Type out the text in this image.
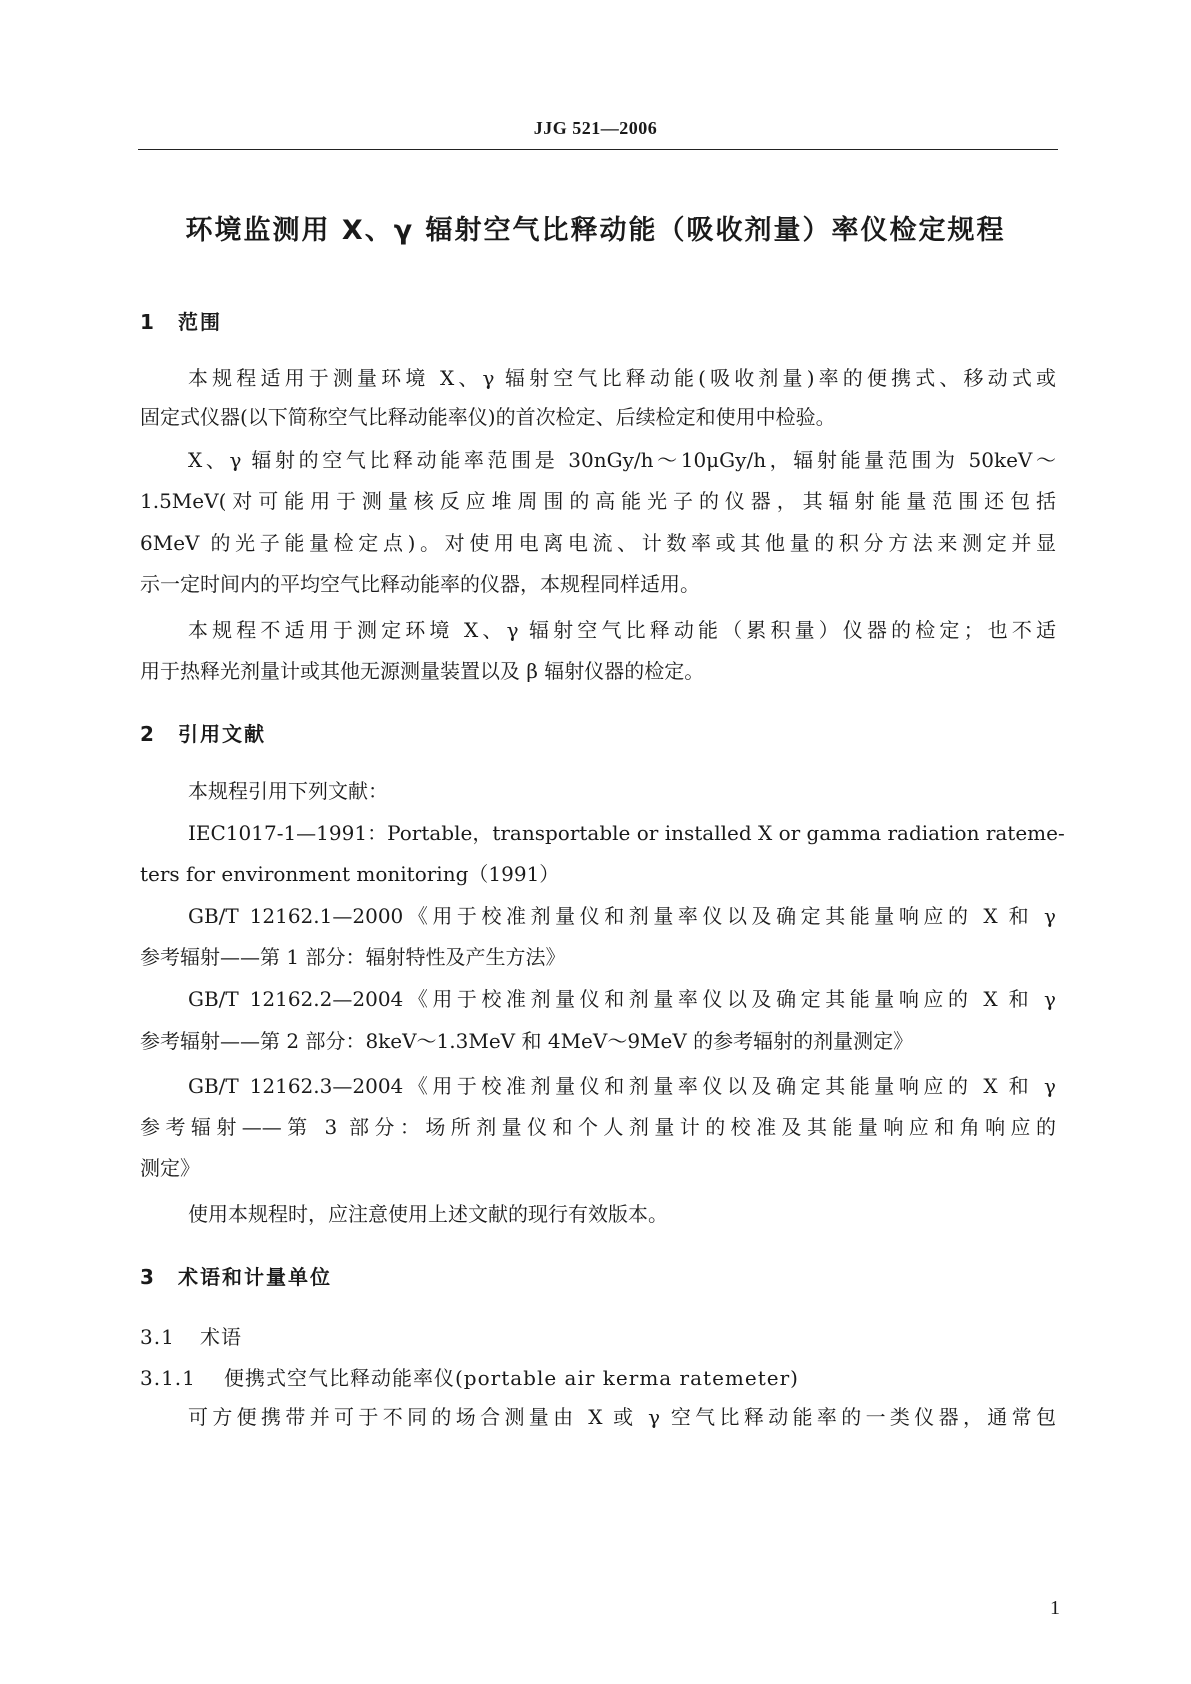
JJG 521—2006
环境监测用 X、γ 辐射空气比释动能（吸收剂量）率仪检定规程
1 范围
本规程适用于测量环境 X、γ 辐射空气比释动能(吸收剂量)率的便携式、移动式或
固定式仪器(以下简称空气比释动能率仪)的首次检定、后续检定和使用中检验。
X、γ 辐射的空气比释动能率范围是 30nGy/h～10μGy/h，辐射能量范围为 50keV～
1.5MeV(对可能用于测量核反应堆周围的高能光子的仪器，其辐射能量范围还包括
6MeV 的光子能量检定点)。对使用电离电流、计数率或其他量的积分方法来测定并显
示一定时间内的平均空气比释动能率的仪器，本规程同样适用。
本规程不适用于测定环境 X、γ 辐射空气比释动能（累积量）仪器的检定；也不适
用于热释光剂量计或其他无源测量装置以及 β 辐射仪器的检定。
2 引用文献
本规程引用下列文献：
IEC1017-1—1991：Portable，transportable or installed X or gamma radiation rateme-
ters for environment monitoring（1991）
GB/T 12162.1—2000《用于校准剂量仪和剂量率仪以及确定其能量响应的 X 和 γ
参考辐射——第 1 部分：辐射特性及产生方法》
GB/T 12162.2—2004《用于校准剂量仪和剂量率仪以及确定其能量响应的 X 和 γ
参考辐射——第 2 部分：8keV～1.3MeV 和 4MeV～9MeV 的参考辐射的剂量测定》
GB/T 12162.3—2004《用于校准剂量仪和剂量率仪以及确定其能量响应的 X 和 γ
参考辐射——第 3 部分：场所剂量仪和个人剂量计的校准及其能量响应和角响应的
测定》
使用本规程时，应注意使用上述文献的现行有效版本。
3 术语和计量单位
3.1 术语
3.1.1 便携式空气比释动能率仪(portable air kerma ratemeter)
可方便携带并可于不同的场合测量由 X 或 γ 空气比释动能率的一类仪器，通常包
1
